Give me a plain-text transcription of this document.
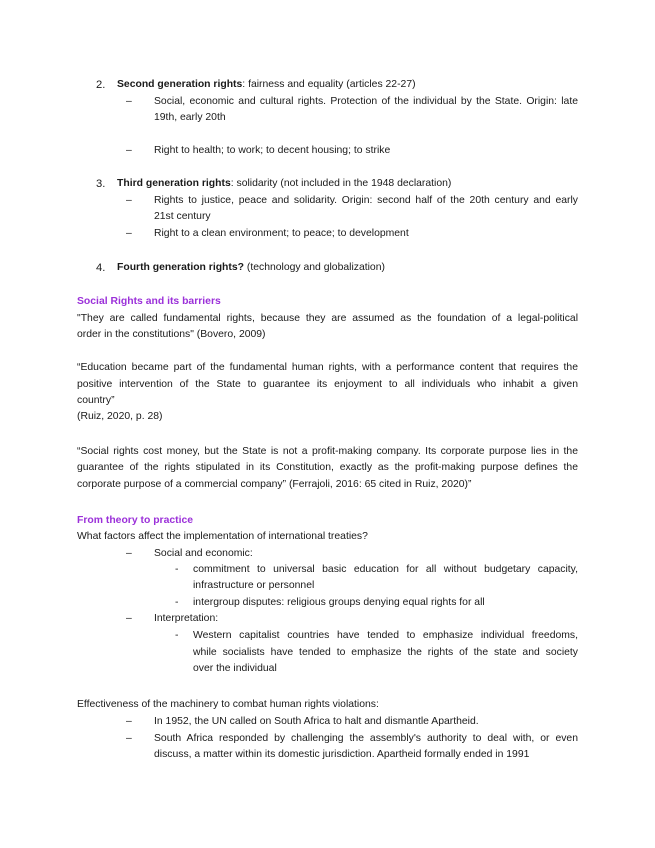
2. Second generation rights: fairness and equality (articles 22-27)
– Social, economic and cultural rights. Protection of the individual by the State. Origin: late
19th, early 20th
– Right to health; to work; to decent housing; to strike
3. Third generation rights: solidarity (not included in the 1948 declaration)
– Rights to justice, peace and solidarity. Origin: second half of the 20th century and early
21st century
– Right to a clean environment; to peace; to development
4. Fourth generation rights? (technology and globalization)
Social Rights and its barriers
"They are called fundamental rights, because they are assumed as the foundation of a legal-political
order in the constitutions" (Bovero, 2009)
“Education became part of the fundamental human rights, with a performance content that requires the
positive intervention of the State to guarantee its enjoyment to all individuals who inhabit a given
country”
(Ruiz, 2020, p. 28)
“Social rights cost money, but the State is not a profit-making company. Its corporate purpose lies in the
guarantee of the rights stipulated in its Constitution, exactly as the profit-making purpose defines the
corporate purpose of a commercial company” (Ferrajoli, 2016: 65 cited in Ruiz, 2020)”
From theory to practice
What factors affect the implementation of international treaties?
– Social and economic:
- commitment to universal basic education for all without budgetary capacity,
infrastructure or personnel
- intergroup disputes: religious groups denying equal rights for all
– Interpretation:
- Western capitalist countries have tended to emphasize individual freedoms,
while socialists have tended to emphasize the rights of the state and society
over the individual
Effectiveness of the machinery to combat human rights violations:
– In 1952, the UN called on South Africa to halt and dismantle Apartheid.
– South Africa responded by challenging the assembly's authority to deal with, or even
discuss, a matter within its domestic jurisdiction. Apartheid formally ended in 1991
